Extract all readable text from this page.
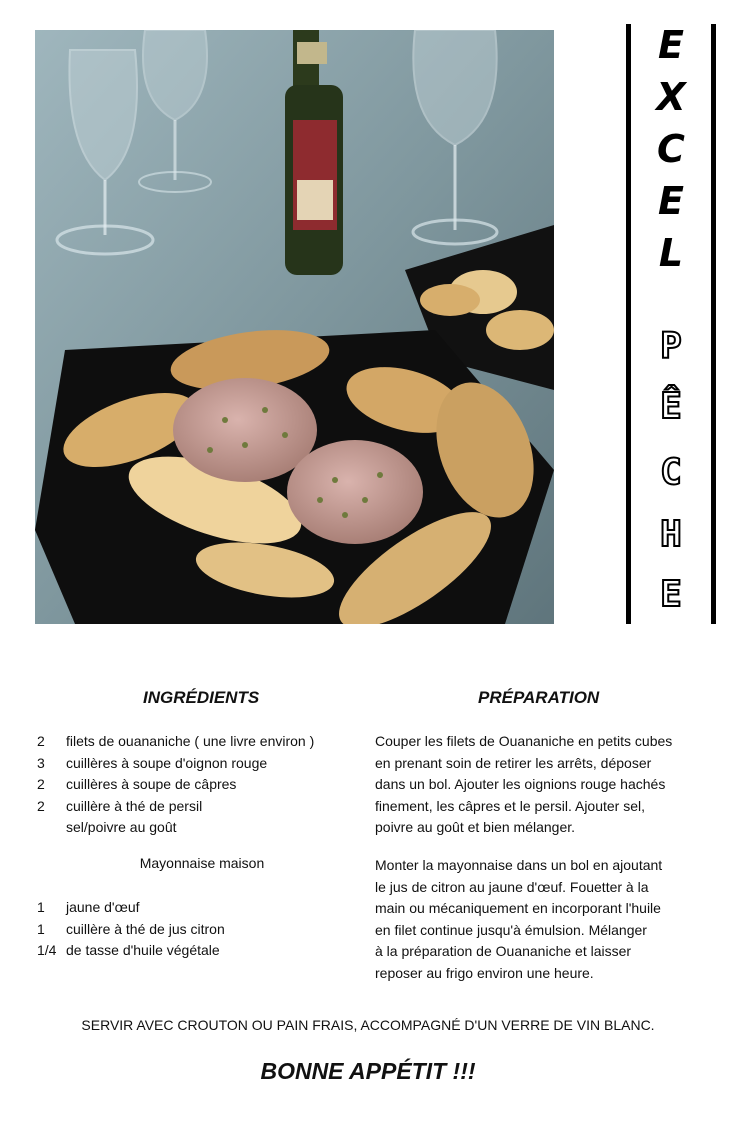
E
X
C
E
L
P
Ê
C
H
E
INGRÉDIENTS
2	filets de ouananiche ( une livre environ )
3	cuillères à soupe d'oignon rouge
2	cuillères à soupe de câpres
2	cuillère à thé de persil
sel/poivre au goût
Mayonnaise maison
1	jaune d'œuf
1	cuillère à thé de jus citron
1/4 de tasse d'huile végétale
PRÉPARATION

Couper les filets de Ouananiche en petits cubes
en prenant soin de retirer les arrêts, déposer
dans un bol. Ajouter les oignions rouge hachés
finement, les câpres et le persil. Ajouter sel,
poivre au goût et bien mélanger.

Monter la mayonnaise dans un bol en ajoutant
le jus de citron au jaune d'œuf. Fouetter à la
main ou mécaniquement en incorporant l'huile
en filet continue jusqu'à émulsion. Mélanger
à la préparation de Ouananiche et laisser
reposer au frigo environ une heure.

SERVIR AVEC CROUTON OU PAIN FRAIS, ACCOMPAGNÉ D'UN VERRE DE VIN BLANC.
BONNE APPÉTIT !!!
